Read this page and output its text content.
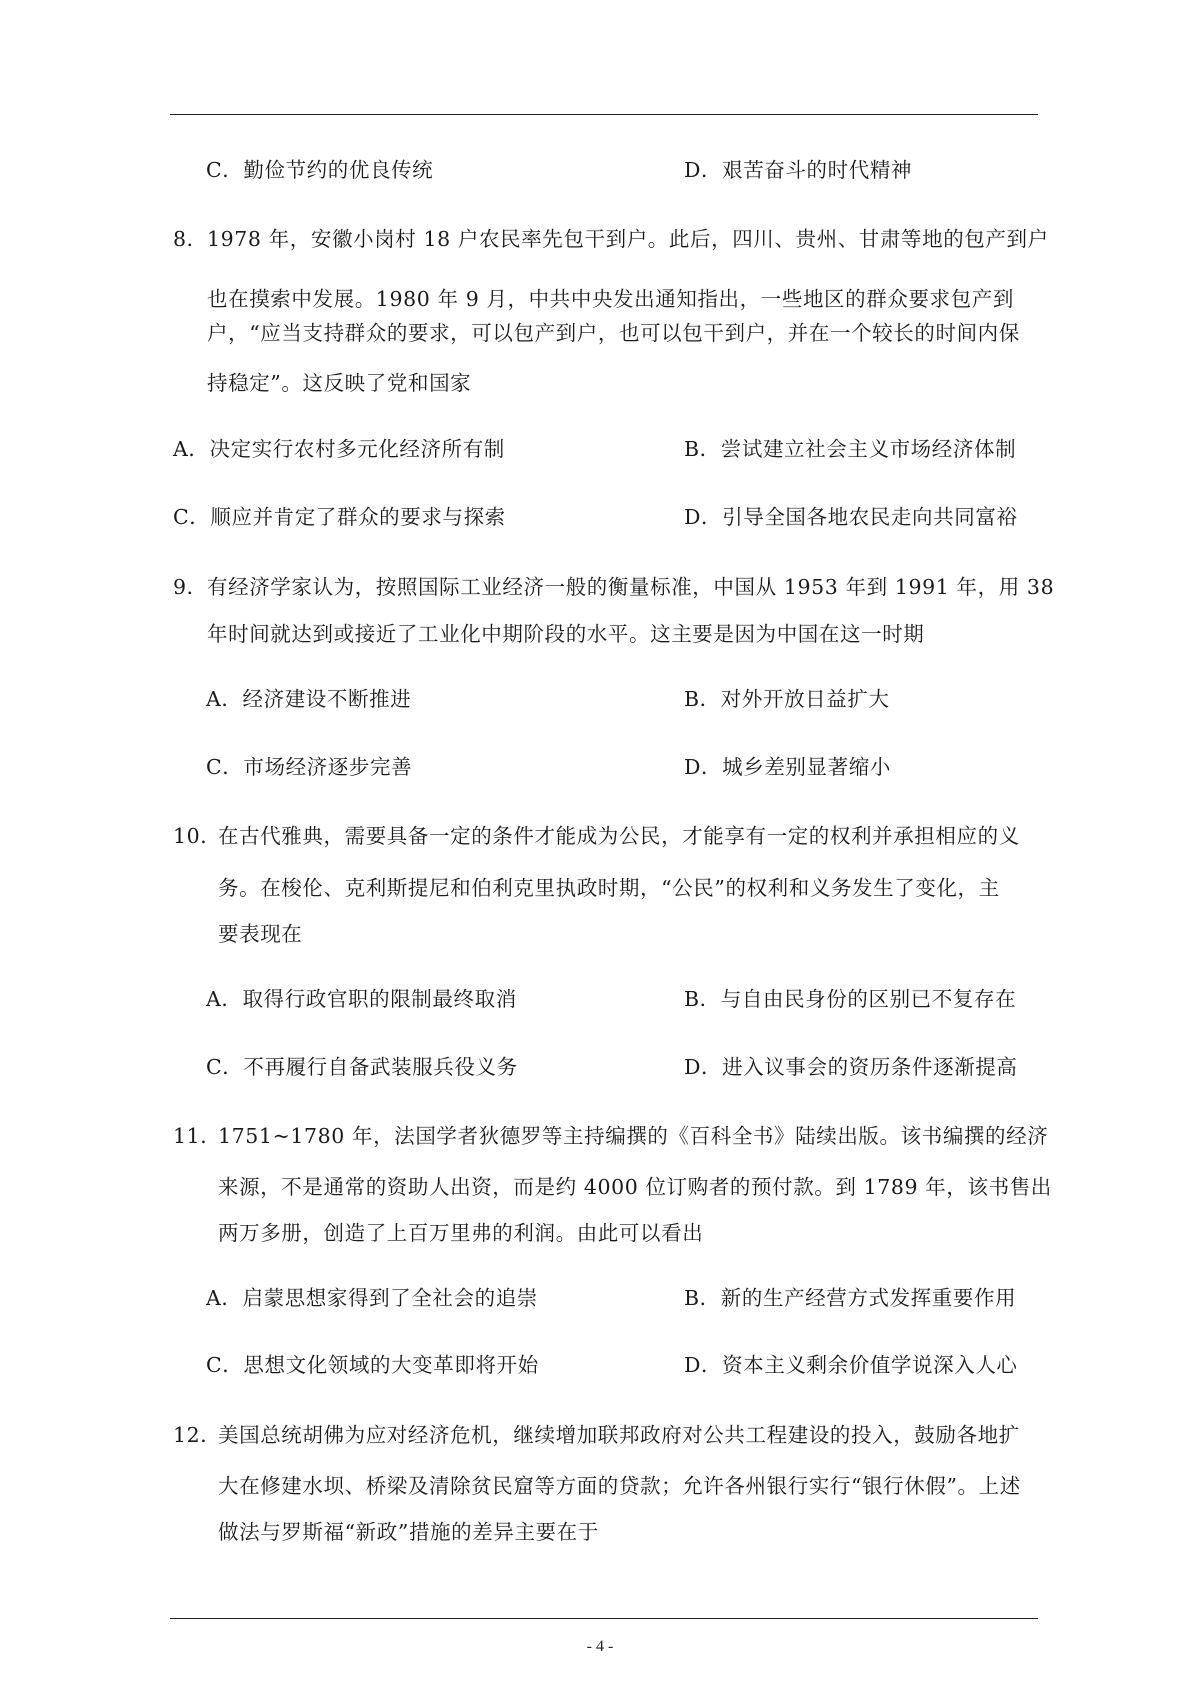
C．勤俭节约的优良传统	D．艰苦奋斗的时代精神
8． 1978 年，安徽小岗村 18 户农民率先包干到户。此后，四川、贵州、甘肃等地的包产到户
也在摸索中发展。1980 年 9 月，中共中央发出通知指出，一些地区的群众要求包产到
户，“应当支持群众的要求，可以包产到户，也可以包干到户，并在一个较长的时间内保
持稳定”。这反映了党和国家
A．决定实行农村多元化经济所有制	B．尝试建立社会主义市场经济体制
C．顺应并肯定了群众的要求与探索	D．引导全国各地农民走向共同富裕
9． 有经济学家认为，按照国际工业经济一般的衡量标准，中国从 1953 年到 1991 年，用 38
年时间就达到或接近了工业化中期阶段的水平。这主要是因为中国在这一时期
A．经济建设不断推进	B．对外开放日益扩大
C．市场经济逐步完善	D．城乡差别显著缩小
10．
在古代雅典，需要具备一定的条件才能成为公民，才能享有一定的权利并承担相应的义
务。在梭伦、克利斯提尼和伯利克里执政时期，“公民”的权利和义务发生了变化，主
要表现在
A．取得行政官职的限制最终取消	B．与自由民身份的区别已不复存在
C．不再履行自备武装服兵役义务	D．进入议事会的资历条件逐渐提高
11．
1751~1780 年，法国学者狄德罗等主持编撰的《百科全书》陆续出版。该书编撰的经济
来源，不是通常的资助人出资，而是约 4000 位订购者的预付款。到 1789 年，该书售出
两万多册，创造了上百万里弗的利润。由此可以看出
A．启蒙思想家得到了全社会的追崇	B．新的生产经营方式发挥重要作用
C．思想文化领域的大变革即将开始	D．资本主义剩余价值学说深入人心
12．
美国总统胡佛为应对经济危机，继续增加联邦政府对公共工程建设的投入，鼓励各地扩
大在修建水坝、桥梁及清除贫民窟等方面的贷款；允许各州银行实行“银行休假”。上述
做法与罗斯福“新政”措施的差异主要在于
- 4 -
